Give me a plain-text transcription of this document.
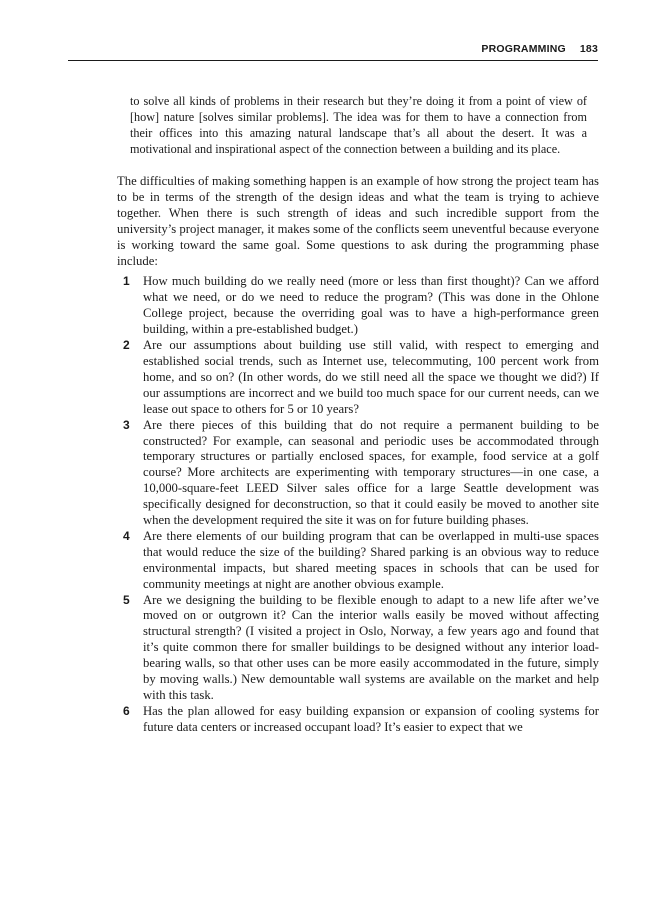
PROGRAMMING 183

to solve all kinds of problems in their research but they’re doing it from a point of view of [how] nature [solves similar problems]. The idea was for them to have a connection from their offices into this amazing natural landscape that’s all about the desert. It was a motivational and inspirational aspect of the connection between a building and its place.

The difficulties of making something happen is an example of how strong the project team has to be in terms of the strength of the design ideas and what the team is trying to achieve together. When there is such strength of ideas and such incredible support from the university’s project manager, it makes some of the conflicts seem uneventful because everyone is working toward the same goal. Some questions to ask during the programming phase include:

1 How much building do we really need (more or less than first thought)? Can we afford what we need, or do we need to reduce the program? (This was done in the Ohlone College project, because the overriding goal was to have a high-performance green building, within a pre-established budget.)
2 Are our assumptions about building use still valid, with respect to emerging and established social trends, such as Internet use, telecommuting, 100 percent work from home, and so on? (In other words, do we still need all the space we thought we did?) If our assumptions are incorrect and we build too much space for our current needs, can we lease out space to others for 5 or 10 years?
3 Are there pieces of this building that do not require a permanent building to be constructed? For example, can seasonal and periodic uses be accommodated through temporary structures or partially enclosed spaces, for example, food service at a golf course? More architects are experimenting with temporary structures—in one case, a 10,000-square-feet LEED Silver sales office for a large Seattle development was specifically designed for deconstruction, so that it could easily be moved to another site when the development required the site it was on for future building phases.
4 Are there elements of our building program that can be overlapped in multi-use spaces that would reduce the size of the building? Shared parking is an obvious way to reduce environmental impacts, but shared meeting spaces in schools that can be used for community meetings at night are another obvious example.
5 Are we designing the building to be flexible enough to adapt to a new life after we’ve moved on or outgrown it? Can the interior walls easily be moved without affecting structural strength? (I visited a project in Oslo, Norway, a few years ago and found that it’s quite common there for smaller buildings to be designed without any interior load-bearing walls, so that other uses can be more easily accommodated in the future, simply by moving walls.) New demountable wall systems are available on the market and help with this task.
6 Has the plan allowed for easy building expansion or expansion of cooling systems for future data centers or increased occupant load? It’s easier to expect that we
